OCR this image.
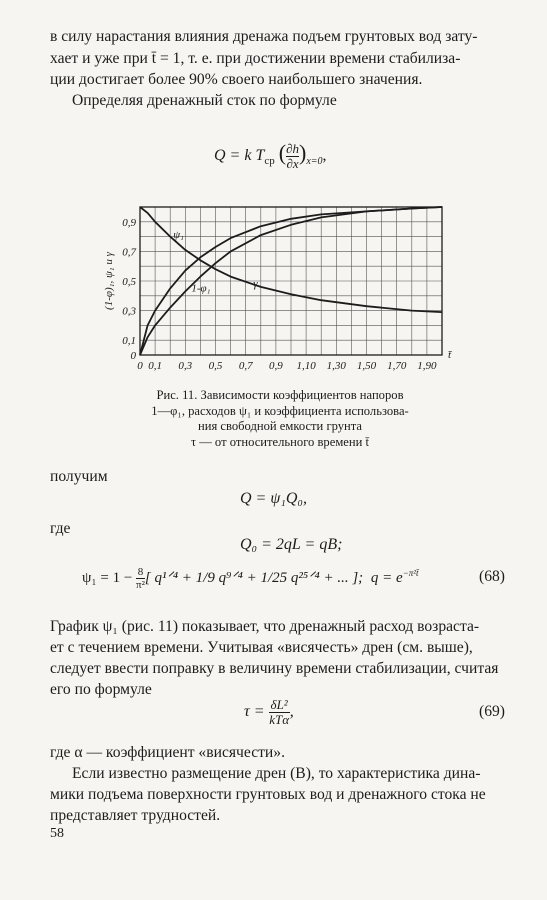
в силу нарастания влияния дренажа подъем грунтовых вод зату-
хает и уже при t̄ = 1, т. е. при достижении времени стабилиза-
ции достигает более 90% своего наибольшего значения.
Определяя дренажный сток по формуле
Q = k $T_{ср}$ ( $\frac{\partial h}{\partial x} )_{x=0}$,
0 0,1 0,3 0,5 0,7 0,9 1,10 1,30 1,50 1,70 1,90
t̄
0
0,1
0,3
0,5
0,7
0,9
(1-φ)₁, ψ₁ и γ
ψ₁
1-φ₁	γ
Рис. 11. Зависимости коэффициентов напоров
1—φ₁, расходов ψ₁ и коэффициента использова-
ния свободной емкости грунта
τ — от относительного времени t̄
получим
Q = ψ₁Q₀,
где
Q₀ = 2qL = qB;
$\psi_1 = 1 - \frac{8}{\text{π²}}$ [ q¹ᐟ⁴ + 1/9 q⁹ᐟ⁴ + 1/25 q²⁵ᐟ⁴ + ... ]; $q = e^{-\pi^2t̄}$	(68)
График ψ₁ (рис. 11) показывает, что дренажный расход возраста-
ет с течением времени. Учитывая «висячесть» дрен (см. выше),
следует ввести поправку в величину времени стабилизации, считая
его по формуле
τ = δL²
kTα ,	(69)
где α — коэффициент «висячести».
Если известно размещение дрен (B), то характеристика дина-
мики подъема поверхности грунтовых вод и дренажного стока не
представляет трудностей.
58
